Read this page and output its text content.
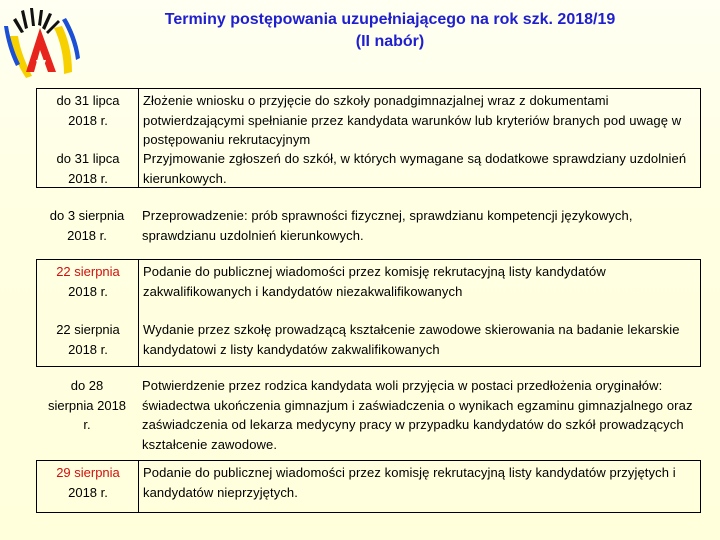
Terminy postępowania uzupełniającego na rok szk. 2018/19
(II nabór)
do 31 lipca
2018 r.
Złożenie wniosku o przyjęcie do szkoły ponadgimnazjalnej wraz z dokumentami potwierdzającymi spełnianie przez kandydata warunków lub kryteriów branych pod uwagę w postępowaniu rekrutacyjnym
do 31 lipca
2018 r.
Przyjmowanie zgłoszeń do szkół, w których wymagane są dodatkowe sprawdziany uzdolnień kierunkowych.
do 3 sierpnia
2018 r.
Przeprowadzenie: prób sprawności fizycznej, sprawdzianu kompetencji językowych, sprawdzianu uzdolnień kierunkowych.
22 sierpnia
2018 r.
Podanie do publicznej wiadomości przez komisję rekrutacyjną listy kandydatów zakwalifikowanych i kandydatów niezakwalifikowanych
22 sierpnia
2018 r.
Wydanie przez szkołę prowadzącą kształcenie zawodowe skierowania na badanie lekarskie kandydatowi z listy kandydatów zakwalifikowanych
do 28
sierpnia 2018
r.
Potwierdzenie przez rodzica kandydata woli przyjęcia w postaci przedłożenia oryginałów: świadectwa ukończenia gimnazjum i zaświadczenia o wynikach egzaminu gimnazjalnego oraz zaświadczenia od lekarza medycyny pracy w przypadku kandydatów do szkół prowadzących kształcenie zawodowe.
29 sierpnia
2018 r.
Podanie do publicznej wiadomości przez komisję rekrutacyjną listy kandydatów przyjętych i kandydatów nieprzyjętych.
